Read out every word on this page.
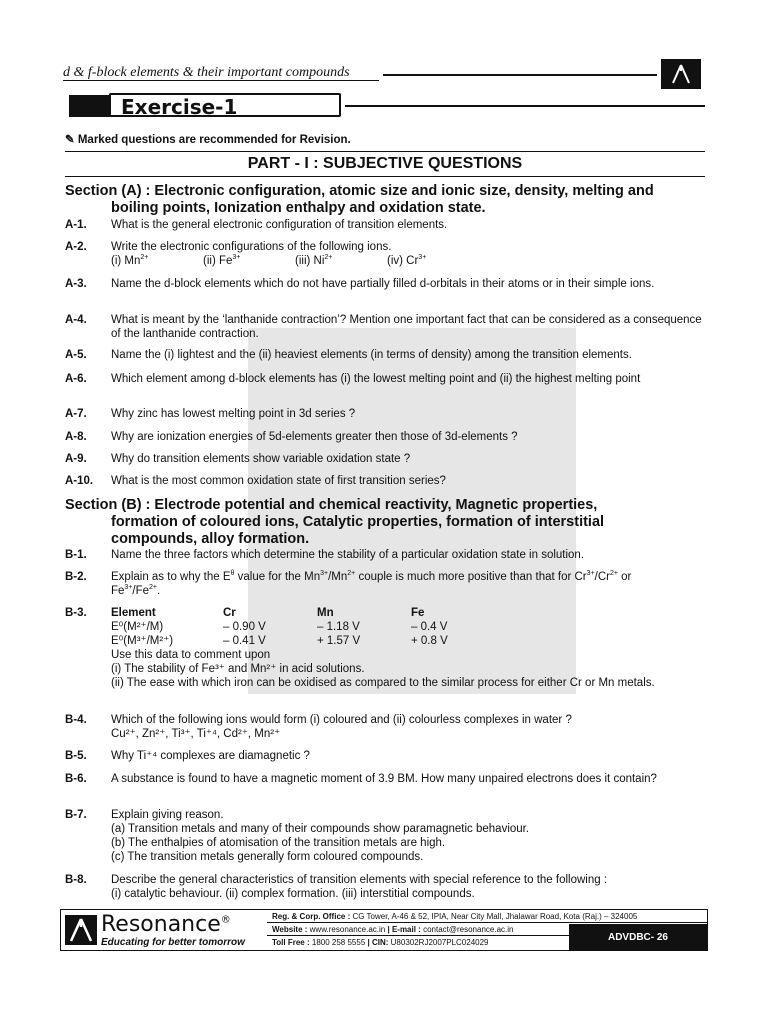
d & f-block elements & their important compounds
Exercise-1
✎ Marked questions are recommended for Revision.
PART - I : SUBJECTIVE QUESTIONS
Section (A) : Electronic configuration, atomic size and ionic size, density, melting and
boiling points, Ionization enthalpy and oxidation state.
A-1. What is the general electronic configuration of transition elements.
A-2. Write the electronic configurations of the following ions.
(i) $Mn^{2+}$	(ii) $Fe^{3+}$	(iii) $Ni^{2+}$	(iv) $Cr^{3+}$
A-3. Name the d-block elements which do not have partially filled d-orbitals in their atoms or in their simple ions.
A-4. What is meant by the ‘lanthanide contraction’? Mention one important fact that can be considered as a consequence of the lanthanide contraction.
A-5. Name the (i) lightest and the (ii) heaviest elements (in terms of density) among the transition elements.
A-6. Which element among d-block elements has (i) the lowest melting point and (ii) the highest melting point
A-7. Why zinc has lowest melting point in 3d series ?
A-8. Why are ionization energies of 5d-elements greater then those of 3d-elements ?
A-9. Why do transition elements show variable oxidation state ?
A-10. What is the most common oxidation state of first transition series?
Section (B) : Electrode potential and chemical reactivity, Magnetic properties,
formation of coloured ions, Catalytic properties, formation of interstitial
compounds, alloy formation.
B-1. Name the three factors which determine the stability of a particular oxidation state in solution.
B-2. Explain as to why the $E^\theta$ value for the $Mn^{3+}/Mn^{2+}$ couple is much more positive than that for $Cr^{3+}/Cr^{2+}$ or
$Fe^{3+}/Fe^{2+}$.
B-3. Element	Cr	Mn	Fe
E⁰(M²⁺/M)	– 0.90 V	– 1.18 V	– 0.4 V
E⁰(M³⁺/M²⁺)	– 0.41 V	+ 1.57 V	+ 0.8 V
Use this data to comment upon
(i) The stability of Fe³⁺ and Mn²⁺ in acid solutions.
(ii) The ease with which iron can be oxidised as compared to the similar process for either Cr or Mn metals.
B-4. Which of the following ions would form (i) coloured and (ii) colourless complexes in water ?
Cu²⁺, Zn²⁺, Ti³⁺, Ti⁺⁴, Cd²⁺, Mn²⁺
B-5. Why Ti⁺⁴ complexes are diamagnetic ?
B-6. A substance is found to have a magnetic moment of 3.9 BM. How many unpaired electrons does it contain?
B-7. Explain giving reason.
(a) Transition metals and many of their compounds show paramagnetic behaviour.
(b) The enthalpies of atomisation of the transition metals are high.
(c) The transition metals generally form coloured compounds.
B-8. Describe the general characteristics of transition elements with special reference to the following :
(i) catalytic behaviour. (ii) complex formation. (iii) interstitial compounds.
Resonance®
Educating for better tomorrow
Reg. & Corp. Office : CG Tower, A-46 & 52, IPIA, Near City Mall, Jhalawar Road, Kota (Raj.) – 324005
Website : www.resonance.ac.in | E-mail : contact@resonance.ac.in
Toll Free : 1800 258 5555 | CIN: U80302RJ2007PLC024029	ADVDBC- 26
